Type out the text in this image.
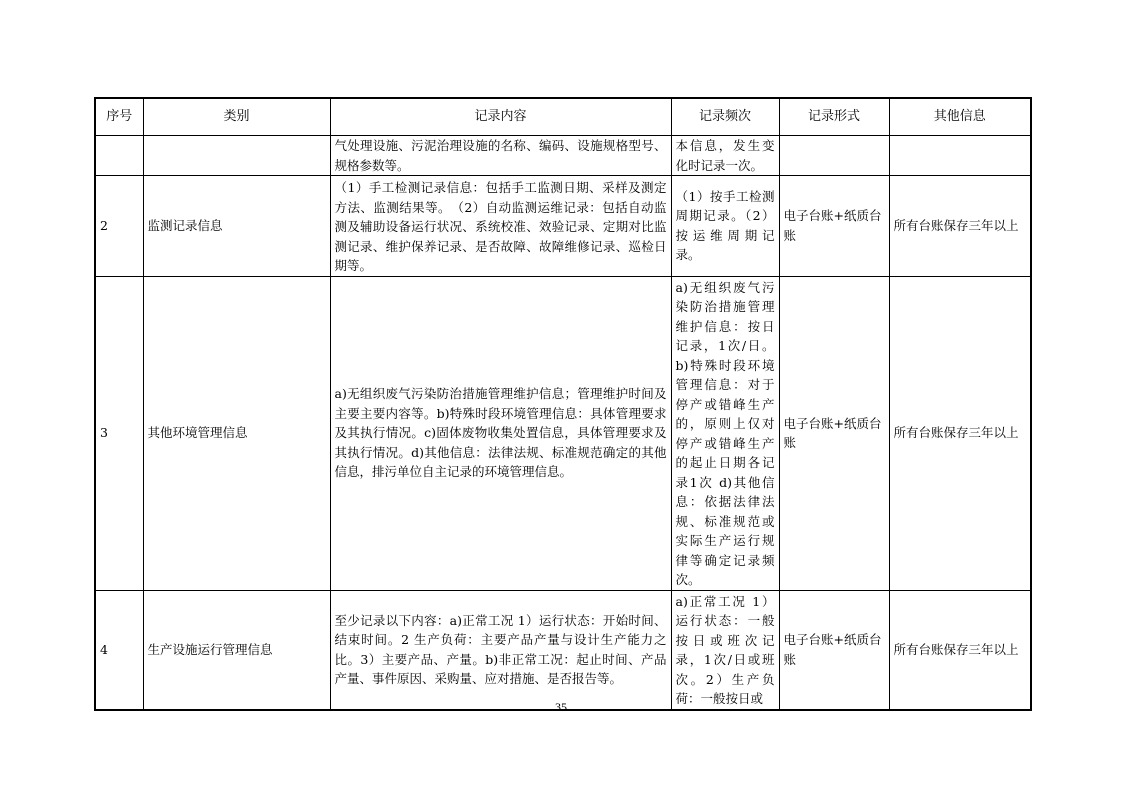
序号	类别	记录内容	记录频次	记录形式	其他信息
		气处理设施、污泥治理设施的名称、编码、设施规格型号、规格参数等。	本信息，发生变化时记录一次。		
2	监测记录信息	（1）手工检测记录信息：包括手工监测日期、采样及测定方法、监测结果等。　（2）自动监测运维记录：包括自动监测及辅助设备运行状况、系统校准、效验记录、定期对比监测记录、维护保养记录、是否故障、故障维修记录、巡检日期等。	（1）按手工检测周期记录。（2）按运维周期记录。	电子台账+纸质台账	所有台账保存三年以上
3	其他环境管理信息	a)无组织废气污染防治措施管理维护信息；管理维护时间及主要主要内容等。b)特殊时段环境管理信息：具体管理要求及其执行情况。c)固体废物收集处置信息，具体管理要求及其执行情况。d)其他信息：法律法规、标准规范确定的其他信息，排污单位自主记录的环境管理信息。	a)无组织废气污染防治措施管理维护信息：按日记录，1次/日。b)特殊时段环境管理信息：对于停产或错峰生产的，原则上仅对停产或错峰生产的起止日期各记录1次 d)其他信息：依据法律法规、标准规范或实际生产运行规律等确定记录频次。	电子台账+纸质台账	所有台账保存三年以上
4	生产设施运行管理信息	至少记录以下内容：a)正常工况 1）运行状态：开始时间、结束时间。2 生产负荷：主要产品产量与设计生产能力之比。3）主要产品、产量。b)非正常工况：起止时间、产品产量、事件原因、采购量、应对措施、是否报告等。	a)正常工况 1）运行状态：一般按日或班次记录，1次/日或班次。2）生产负荷：一般按日或	电子台账+纸质台账	所有台账保存三年以上
35
